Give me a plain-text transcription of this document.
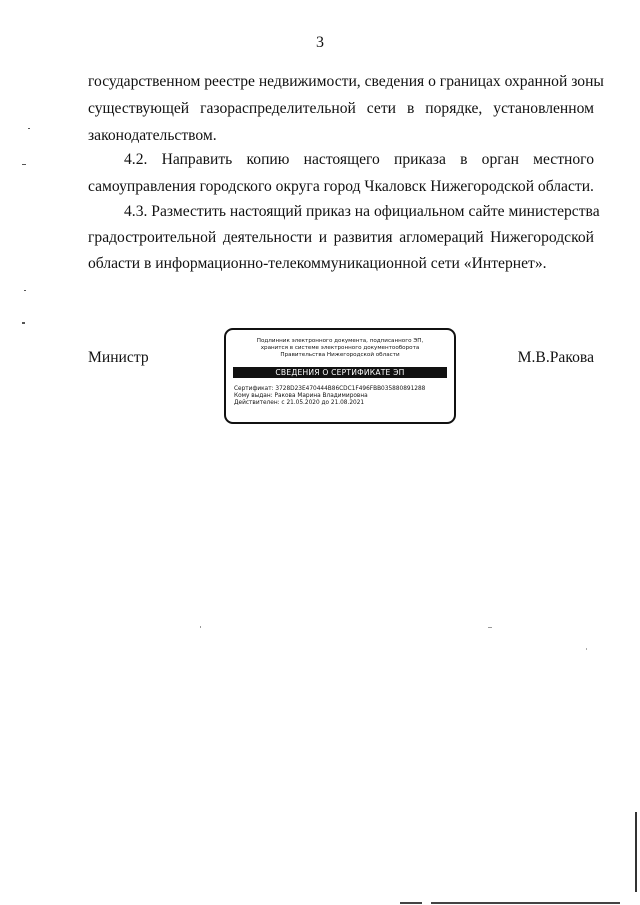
3
государственном реестре недвижимости, сведения о границах охранной зоны
существующей газораспределительной сети в порядке, установленном
законодательством.
4.2. Направить копию настоящего приказа в орган местного
самоуправления городского округа город Чкаловск Нижегородской области.
4.3. Разместить настоящий приказ на официальном сайте министерства
градостроительной деятельности и развития агломераций Нижегородской
области в информационно-телекоммуникационной сети «Интернет».
Министр	М.В.Ракова
Подлинник электронного документа, подписанного ЭП,
хранится в системе электронного документооборота
Правительства Нижегородской области
СВЕДЕНИЯ О СЕРТИФИКАТЕ ЭП
Сертификат: 3728D23E470444B86CDC1F496FBB035880891288
Кому выдан: Ракова Марина Владимировна
Действителен: с 21.05.2020 до 21.08.2021
